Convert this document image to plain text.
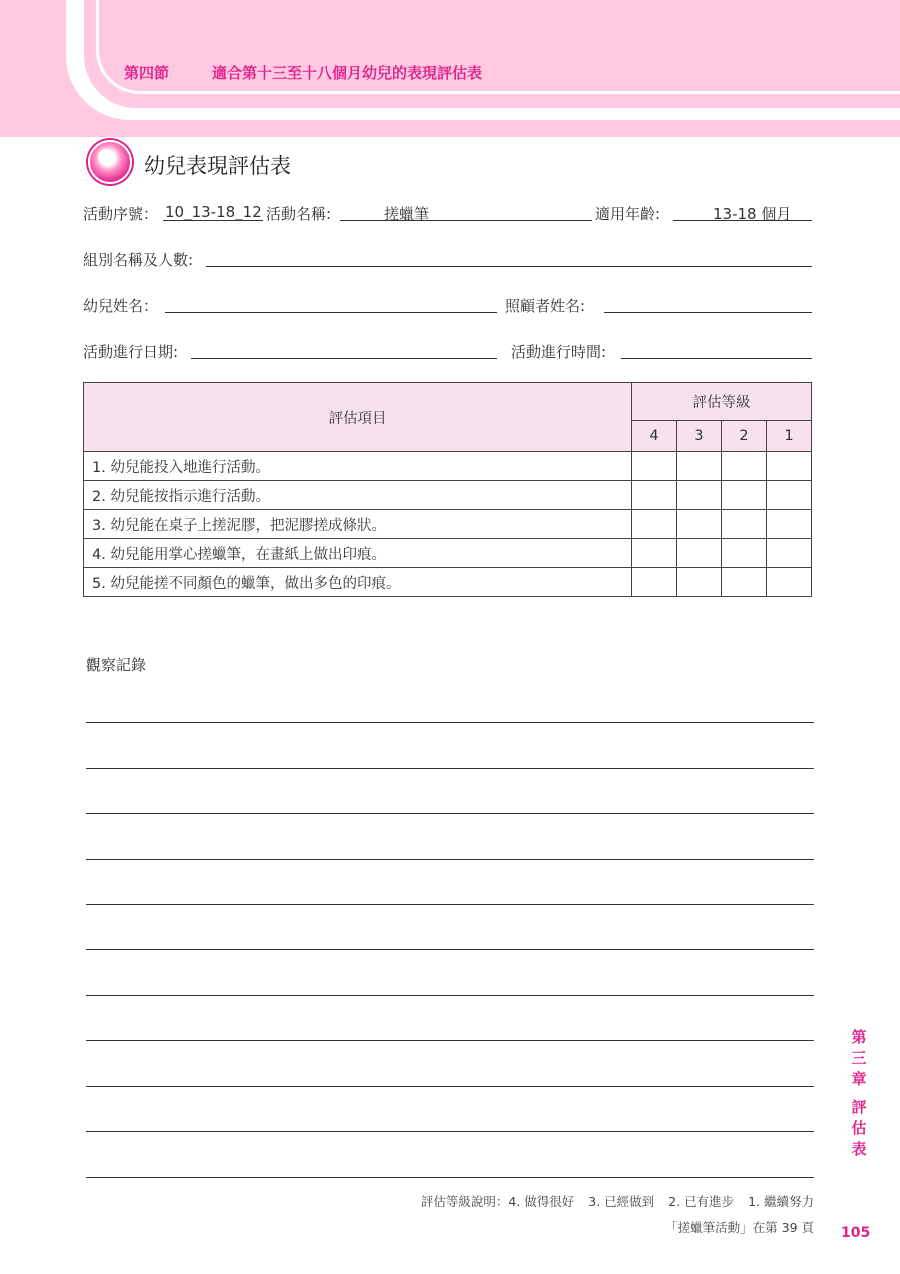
第四節	適合第十三至十八個月幼兒的表現評估表
幼兒表現評估表
活動序號： 10_13-18_12 活動名稱:	搓蠟筆	適用年齡:	13-18 個月
組別名稱及人數:
幼兒姓名：	照顧者姓名:
活動進行日期:	活動進行時間:
評估項目	評估等級			
	4	3	2	1
1. 幼兒能投入地進行活動。				
2. 幼兒能按指示進行活動。				
3. 幼兒能在桌子上搓泥膠，把泥膠搓成條狀。				
4. 幼兒能用掌心搓蠟筆，在畫紙上做出印痕。				
5. 幼兒能搓不同顏色的蠟筆，做出多色的印痕。				
觀察記錄
第
三
章
評
估
表
評估等級說明：4. 做得很好 3. 已經做到 2. 已有進步 1. 繼續努力
「搓蠟筆活動」在第 39 頁 105
